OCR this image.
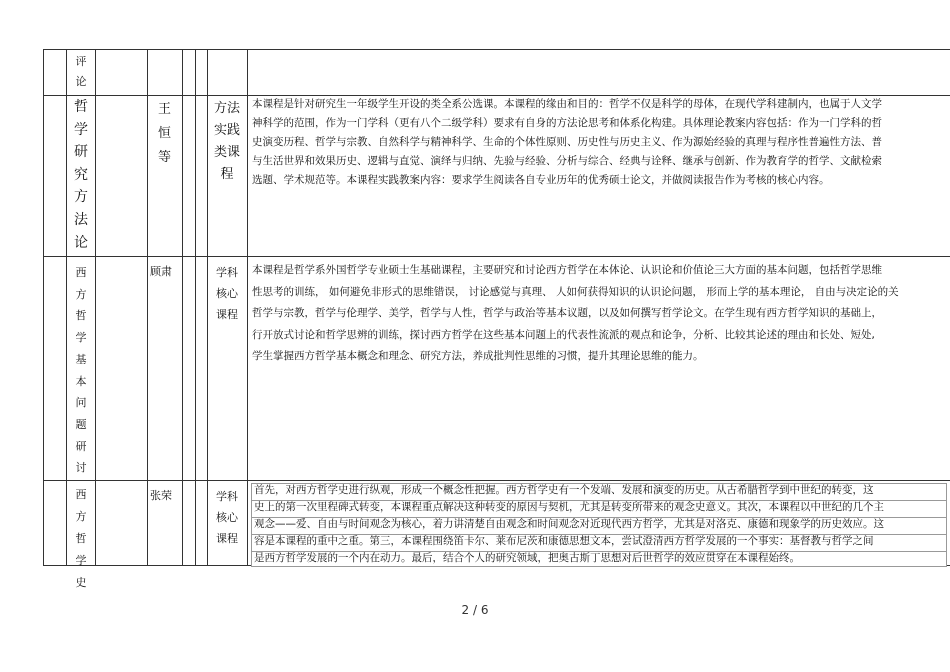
评
论
哲
学
研
究
方
法
论
王
恒
等
方法
实践
类课
程
本课程是针对研究生一年级学生开设的类全系公选课。本课程的缘由和目的：哲学不仅是科学的母体，在现代学科建制内，也属于人文学
神科学的范围，作为一门学科（更有八个二级学科）要求有自身的方法论思考和体系化构建。具体理论教案内容包括：作为一门学科的哲
史演变历程、哲学与宗教、自然科学与精神科学、生命的个体性原则、历史性与历史主义、作为源始经验的真理与程序性普遍性方法、普
与生活世界和效果历史、逻辑与直觉、演绎与归纳、先验与经验、分析与综合、经典与诠释、继承与创新、作为教育学的哲学、文献检索
选题、学术规范等。本课程实践教案内容：要求学生阅读各自专业历年的优秀硕士论文，并做阅读报告作为考核的核心内容。
西
方
哲
学
基
本
问
题
研
讨
顾肃	学科
核心
课程
本课程是哲学系外国哲学专业硕士生基础课程，主要研究和讨论西方哲学在本体论、认识论和价值论三大方面的基本问题，包括哲学思维
性思考的训练， 如何避免非形式的思维错误， 讨论感觉与真理、 人如何获得知识的认识论问题， 形而上学的基本理论， 自由与决定论的关
哲学与宗教，哲学与伦理学、美学，哲学与人性，哲学与政治等基本议题，以及如何撰写哲学论文。在学生现有西方哲学知识的基础上，
行开放式讨论和哲学思辨的训练，探讨西方哲学在这些基本问题上的代表性流派的观点和论争，分析、比较其论述的理由和长处、短处,
学生掌握西方哲学基本概念和理念、研究方法，养成批判性思维的习惯，提升其理论思维的能力。
西
方
哲
学
史
张荣	学科
核心
课程
首先，对西方哲学史进行纵观，形成一个概念性把握。西方哲学史有一个发端、发展和演变的历史。从古希腊哲学到中世纪的转变，这
史上的第一次里程碑式转变，本课程重点解决这种转变的原因与契机，尤其是转变所带来的观念史意义。其次，本课程以中世纪的几个主
观念——爱、自由与时间观念为核心，着力讲清楚自由观念和时间观念对近现代西方哲学，尤其是对洛克、康德和现象学的历史效应。这
容是本课程的重中之重。第三，本课程围绕笛卡尔、莱布尼茨和康德思想文本，尝试澄清西方哲学发展的一个事实：基督教与哲学之间
是西方哲学发展的一个内在动力。最后，结合个人的研究领域，把奥古斯丁思想对后世哲学的效应贯穿在本课程始终。
2 / 6
